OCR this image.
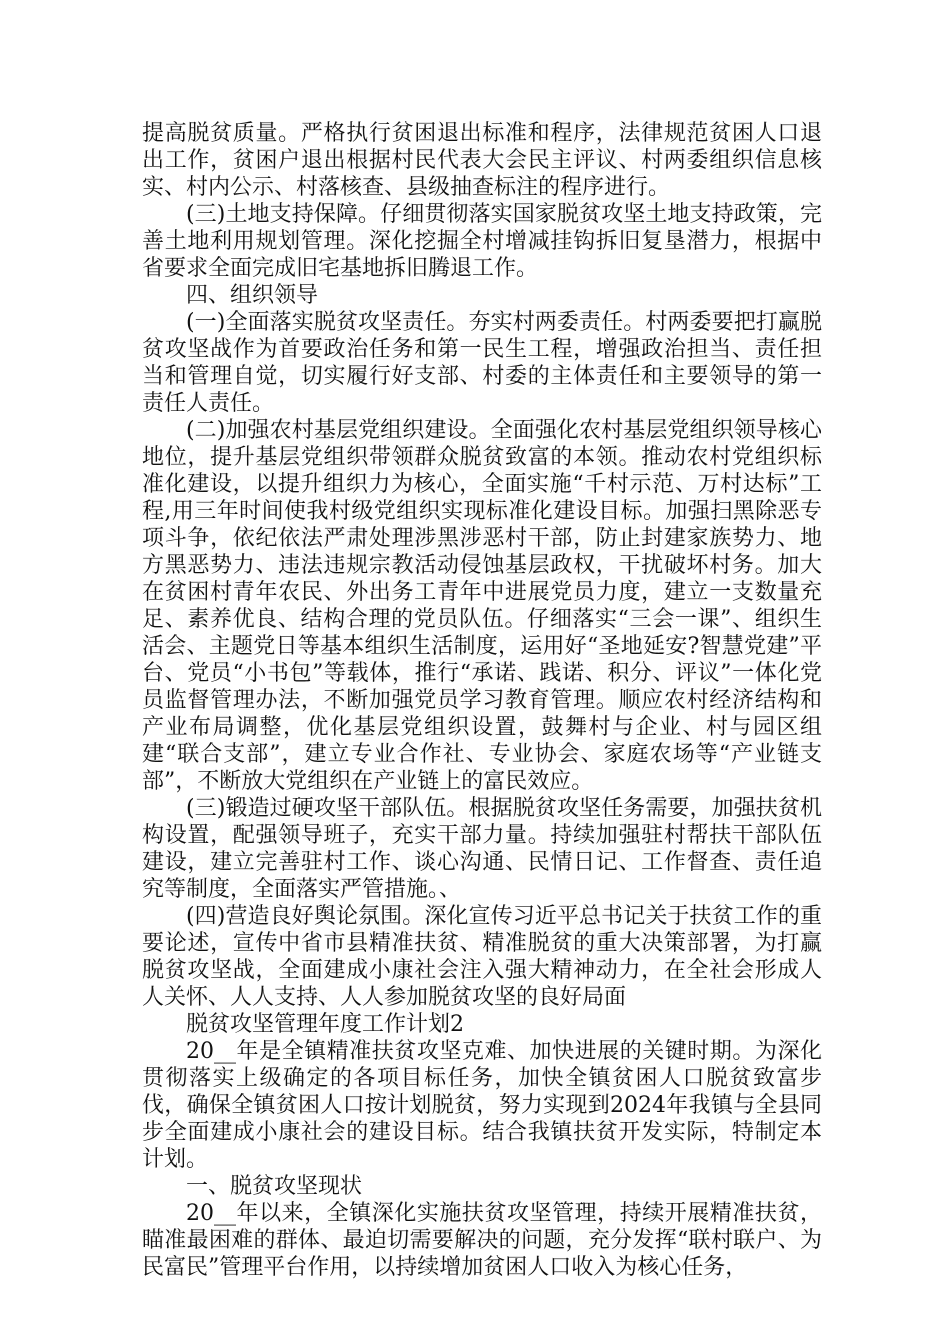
提高脱贫质量。严格执行贫困退出标准和程序，法律规范贫困人口退出工作，贫困户退出根据村民代表大会民主评议、村两委组织信息核实、村内公示、村落核查、县级抽查标注的程序进行。

(三)土地支持保障。仔细贯彻落实国家脱贫攻坚土地支持政策，完善土地利用规划管理。深化挖掘全村增减挂钩拆旧复垦潜力，根据中省要求全面完成旧宅基地拆旧腾退工作。

四、组织领导

(一)全面落实脱贫攻坚责任。夯实村两委责任。村两委要把打赢脱贫攻坚战作为首要政治任务和第一民生工程，增强政治担当、责任担当和管理自觉，切实履行好支部、村委的主体责任和主要领导的第一责任人责任。

(二)加强农村基层党组织建设。全面强化农村基层党组织领导核心地位，提升基层党组织带领群众脱贫致富的本领。推动农村党组织标准化建设，以提升组织力为核心，全面实施“千村示范、万村达标”工程,用三年时间使我村级党组织实现标准化建设目标。加强扫黑除恶专项斗争，依纪依法严肃处理涉黑涉恶村干部，防止封建家族势力、地方黑恶势力、违法违规宗教活动侵蚀基层政权，干扰破坏村务。加大在贫困村青年农民、外出务工青年中进展党员力度，建立一支数量充足、素养优良、结构合理的党员队伍。仔细落实“三会一课”、组织生活会、主题党日等基本组织生活制度，运用好“圣地延安?智慧党建”平台、党员“小书包”等载体，推行“承诺、践诺、积分、评议”一体化党员监督管理办法，不断加强党员学习教育管理。顺应农村经济结构和产业布局调整，优化基层党组织设置，鼓舞村与企业、村与园区组建“联合支部”，建立专业合作社、专业协会、家庭农场等“产业链支部”，不断放大党组织在产业链上的富民效应。

(三)锻造过硬攻坚干部队伍。根据脱贫攻坚任务需要，加强扶贫机构设置，配强领导班子，充实干部力量。持续加强驻村帮扶干部队伍建设，建立完善驻村工作、谈心沟通、民情日记、工作督查、责任追究等制度，全面落实严管措施。、

(四)营造良好舆论氛围。深化宣传习近平总书记关于扶贫工作的重要论述，宣传中省市县精准扶贫、精准脱贫的重大决策部署，为打赢脱贫攻坚战，全面建成小康社会注入强大精神动力，在全社会形成人人关怀、人人支持、人人参加脱贫攻坚的良好局面

脱贫攻坚管理年度工作计划2

20__年是全镇精准扶贫攻坚克难、加快进展的关键时期。为深化贯彻落实上级确定的各项目标任务，加快全镇贫困人口脱贫致富步伐，确保全镇贫困人口按计划脱贫，努力实现到2024年我镇与全县同步全面建成小康社会的建设目标。结合我镇扶贫开发实际，特制定本计划。

一、脱贫攻坚现状

20__年以来，全镇深化实施扶贫攻坚管理，持续开展精准扶贫，瞄准最困难的群体、最迫切需要解决的问题，充分发挥“联村联户、为民富民”管理平台作用，以持续增加贫困人口收入为核心任务，
